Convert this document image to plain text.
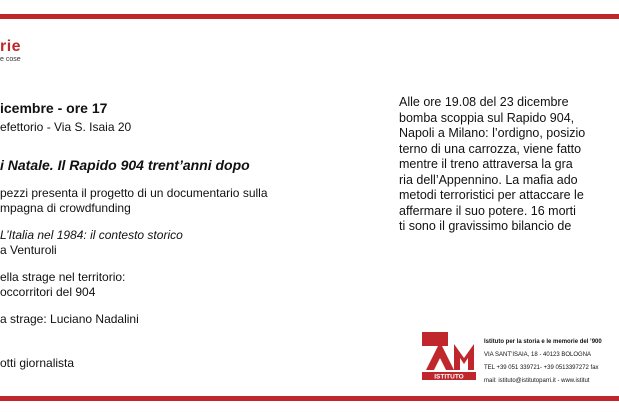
rie
e cose
icembre - ore 17
efettorio - Via S. Isaia 20
i Natale. Il Rapido 904 trent’anni dopo
pezzi presenta il progetto di un documentario sulla
mpagna di crowdfunding
L’Italia nel 1984: il contesto storico
a Venturoli
ella strage nel territorio:
occorritori del 904
a strage: Luciano Nadalini
otti giornalista
Alle ore 19.08 del 23 dicembre
bomba scoppia sul Rapido 904,
Napoli a Milano: l’ordigno, posizio
terno di una carrozza, viene fatto
mentre il treno attraversa la gra
ria dell’Appennino. La mafia ado
metodi terroristici per attaccare le
affermare il suo potere. 16 morti
ti sono il gravissimo bilancio de
ISTITUTO
Istituto per la storia e le memorie del ’900
VIA SANT’ISAIA, 18 - 40123 BOLOGNA
TEL +39 051 339721- +39 0513397272 fax
mail: istituto@istitutoparri.it - www.istitut
